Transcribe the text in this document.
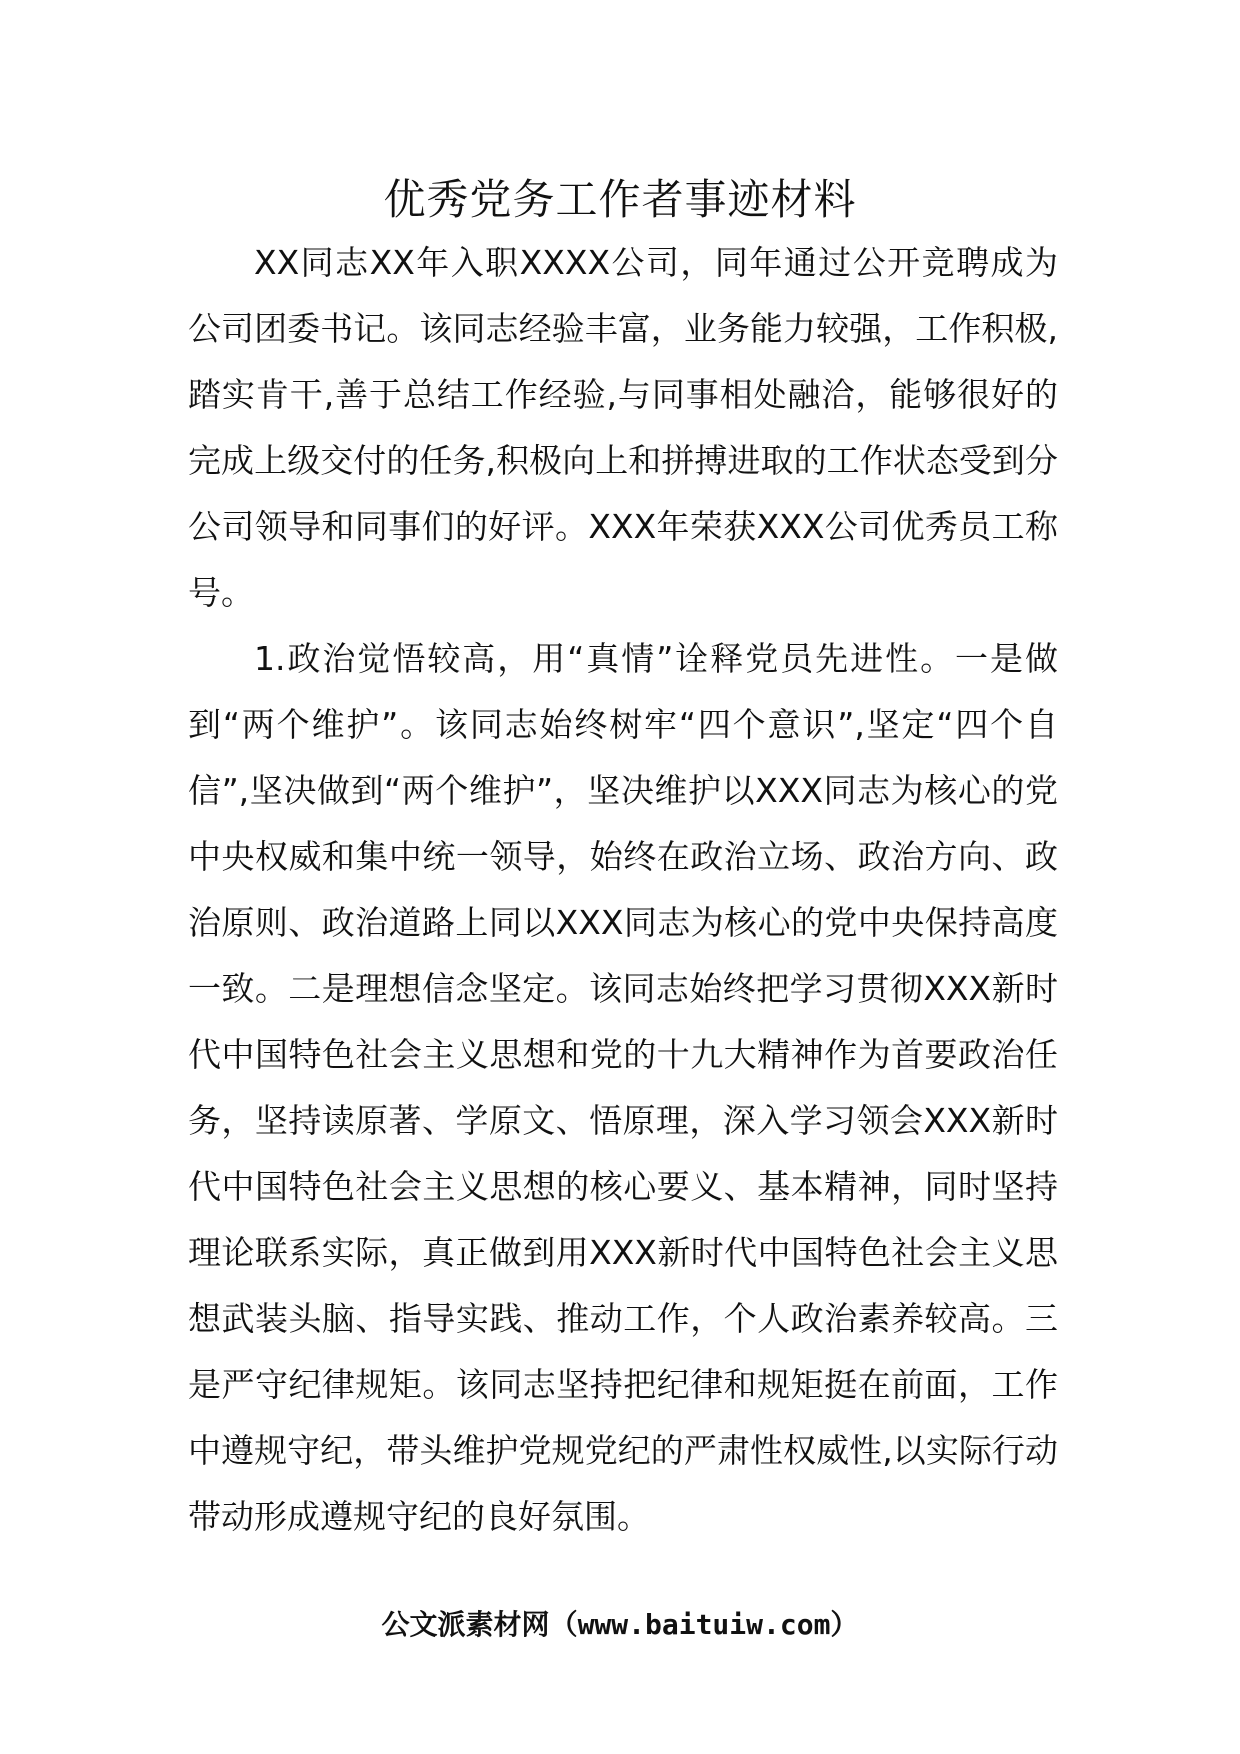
优秀党务工作者事迹材料

XX同志XX年入职XXXX公司，同年通过公开竞聘成为公司团委书记。该同志经验丰富，业务能力较强，工作积极,踏实肯干,善于总结工作经验,与同事相处融洽，能够很好的完成上级交付的任务,积极向上和拼搏进取的工作状态受到分公司领导和同事们的好评。XXX年荣获XXX公司优秀员工称号。

1.政治觉悟较高，用“真情”诠释党员先进性。一是做到“两个维护”。该同志始终树牢“四个意识”,坚定“四个自信”,坚决做到“两个维护”，坚决维护以XXX同志为核心的党中央权威和集中统一领导，始终在政治立场、政治方向、政治原则、政治道路上同以XXX同志为核心的党中央保持高度一致。二是理想信念坚定。该同志始终把学习贯彻XXX新时代中国特色社会主义思想和党的十九大精神作为首要政治任务，坚持读原著、学原文、悟原理，深入学习领会XXX新时代中国特色社会主义思想的核心要义、基本精神，同时坚持理论联系实际，真正做到用XXX新时代中国特色社会主义思想武装头脑、指导实践、推动工作，个人政治素养较高。三是严守纪律规矩。该同志坚持把纪律和规矩挺在前面，工作中遵规守纪，带头维护党规党纪的严肃性权威性,以实际行动带动形成遵规守纪的良好氛围。

公文派素材网（www.baituiw.com）
